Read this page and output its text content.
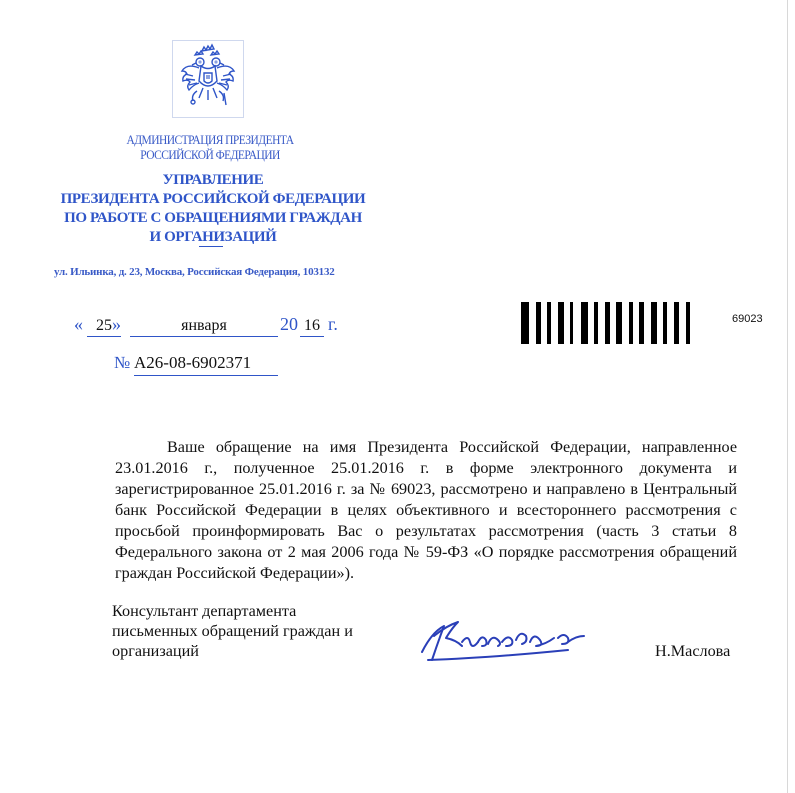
АДМИНИСТРАЦИЯ ПРЕЗИДЕНТА
РОССИЙСКОЙ ФЕДЕРАЦИИ
УПРАВЛЕНИЕ
ПРЕЗИДЕНТА РОССИЙСКОЙ ФЕДЕРАЦИИ
ПО РАБОТЕ С ОБРАЩЕНИЯМИ ГРАЖДАН
И ОРГАНИЗАЦИЙ
ул. Ильинка, д. 23, Москва, Российская Федерация, 103132
« 25 »	января	20 16 г.
№ А26-08-6902371
69023
Ваше обращение на имя Президента Российской Федерации, направленное 23.01.2016 г., полученное 25.01.2016 г. в форме электронного документа и зарегистрированное 25.01.2016 г. за № 69023, рассмотрено и направлено в Центральный банк Российской Федерации в целях объективного и всестороннего рассмотрения с просьбой проинформировать Вас о результатах рассмотрения (часть 3 статьи 8 Федерального закона от 2 мая 2006 года № 59-ФЗ «О порядке рассмотрения обращений граждан Российской Федерации»).
Консультант департамента
письменных обращений граждан и
организаций	Н.Маслова
